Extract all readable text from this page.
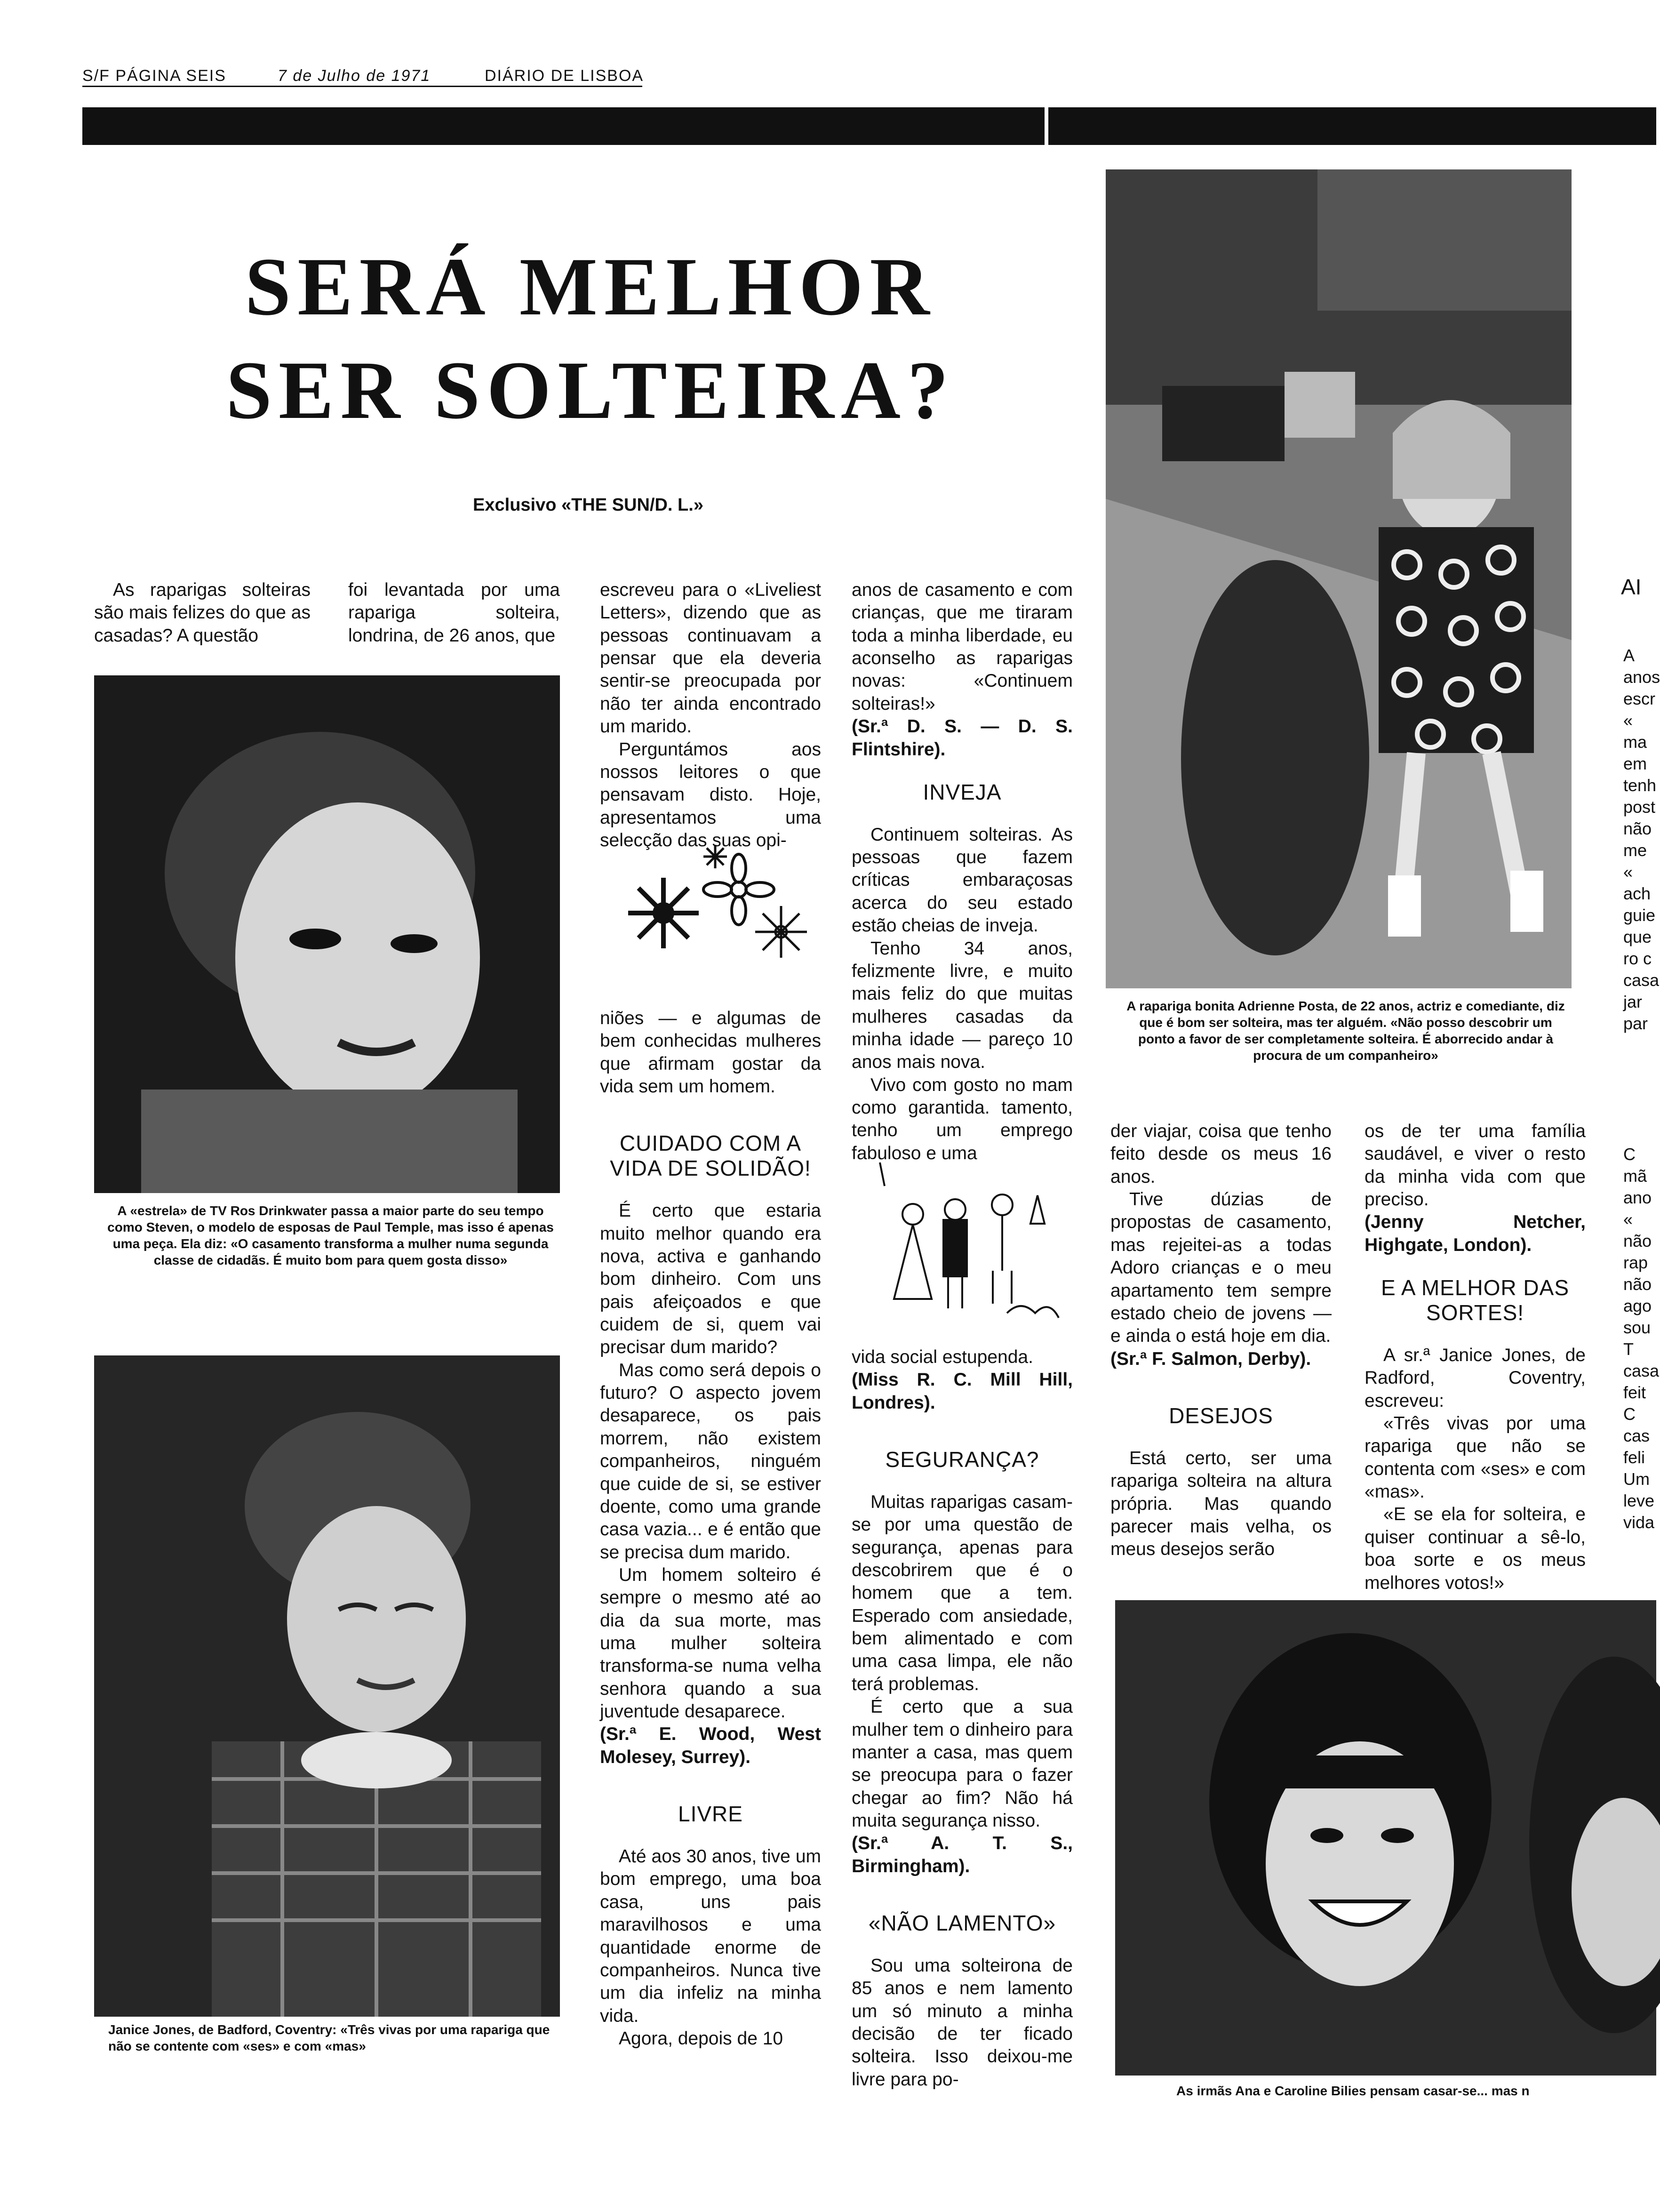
S/F PÁGINA SEIS	7 de Julho de 1971	DIÁRIO DE LISBOA
SERÁ MELHOR
SER SOLTEIRA?
Exclusivo «THE SUN/D. L.»

As raparigas solteiras são mais felizes do que as casadas? A questão

foi levantada por uma rapariga solteira, londrina, de 26 anos, que

A «estrela» de TV Ros Drinkwater passa a maior parte do seu tempo como Steven, o modelo de esposas de Paul Temple, mas isso é apenas uma peça. Ela diz: «O casamento transforma a mulher numa segunda classe de cidadãs. É muito bom para quem gosta disso»
Janice Jones, de Badford, Coventry: «Três vivas por uma rapariga que não se contente com «ses» e com «mas»

escreveu para o «Liveliest Letters», dizendo que as pessoas continuavam a pensar que ela deveria sentir-se preocupada por não ter ainda encontrado um marido.

Perguntámos aos nossos leitores o que pensavam disto. Hoje, apresentamos uma selecção das suas opi-

niões — e algumas de bem conhecidas mulheres que afirmam gostar da vida sem um homem.

CUIDADO COM A VIDA DE SOLIDÃO!

É certo que estaria muito melhor quando era nova, activa e ganhando bom dinheiro. Com uns pais afeiçoados e que cuidem de si, quem vai precisar dum marido?

Mas como será depois o futuro? O aspecto jovem desaparece, os pais morrem, não existem companheiros, ninguém que cuide de si, se estiver doente, como uma grande casa vazia... e é então que se precisa dum marido.

Um homem solteiro é sempre o mesmo até ao dia da sua morte, mas uma mulher solteira transforma-se numa velha senhora quando a sua juventude desaparece.

(Sr.ª E. Wood, West Molesey, Surrey).

LIVRE

Até aos 30 anos, tive um bom emprego, uma boa casa, uns pais maravilhosos e uma quantidade enorme de companheiros. Nunca tive um dia infeliz na minha vida.

Agora, depois de 10

anos de casamento e com crianças, que me tiraram toda a minha liberdade, eu aconselho as raparigas novas: «Continuem solteiras!»

(Sr.ª D. S. — D. S. Flintshire).

INVEJA

Continuem solteiras. As pessoas que fazem críticas embaraçosas acerca do seu estado estão cheias de inveja.

Tenho 34 anos, felizmente livre, e muito mais feliz do que muitas mulheres casadas da minha idade — pareço 10 anos mais nova.

Vivo com gosto no mam como garantida. tamento, tenho um emprego fabuloso e uma

vida social estupenda.

(Miss R. C. Mill Hill, Londres).

SEGURANÇA?

Muitas raparigas casam-se por uma questão de segurança, apenas para descobrirem que é o homem que a tem. Esperado com ansiedade, bem alimentado e com uma casa limpa, ele não terá problemas.

É certo que a sua mulher tem o dinheiro para manter a casa, mas quem se preocupa para o fazer chegar ao fim? Não há muita segurança nisso.

(Sr.ª A. T. S., Birmingham).

«NÃO LAMENTO»

Sou uma solteirona de 85 anos e nem lamento um só minuto a minha decisão de ter ficado solteira. Isso deixou-me livre para po-

A rapariga bonita Adrienne Posta, de 22 anos, actriz e comediante, diz que é bom ser solteira, mas ter alguém. «Não posso descobrir um ponto a favor de ser completamente solteira. É aborrecido andar à procura de um companheiro»

der viajar, coisa que tenho feito desde os meus 16 anos.

Tive dúzias de propostas de casamento, mas rejeitei-as a todas Adoro crianças e o meu apartamento tem sempre estado cheio de jovens — e ainda o está hoje em dia.

(Sr.ª F. Salmon, Derby).

DESEJOS

Está certo, ser uma rapariga solteira na altura própria. Mas quando parecer mais velha, os meus desejos serão

os de ter uma família saudável, e viver o resto da minha vida com que preciso.

(Jenny Netcher, Highgate, London).

E A MELHOR DAS SORTES!

A sr.ª Janice Jones, de Radford, Coventry, escreveu:

«Três vivas por uma rapariga que não se contenta com «ses» e com «mas».

«E se ela for solteira, e quiser continuar a sê-lo, boa sorte e os meus melhores votos!»

As irmãs Ana e Caroline Bilies pensam casar-se... mas n
AI
A
anos
escr
«
ma
em
tenh
post
não
me
«
ach
guie
que
ro c
casa
jar
par
C
mã
ano
«
não
rap
não
ago
sou
T
casa
feit
C
cas
feli
Um
leve
vida
